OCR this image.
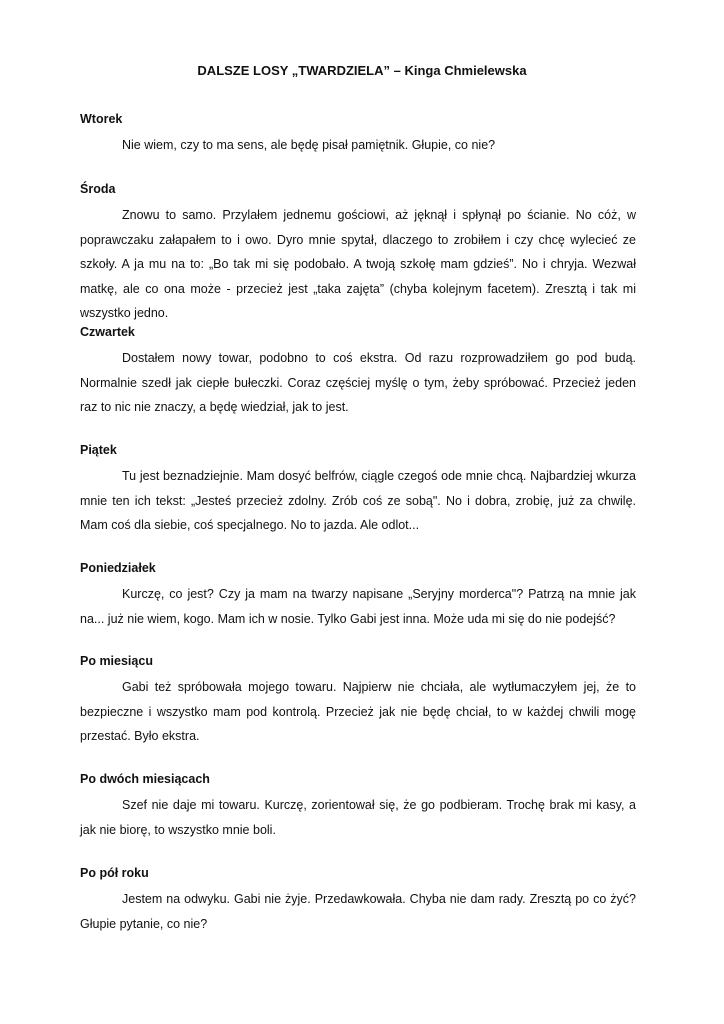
DALSZE LOSY „TWARDZIELA” – Kinga Chmielewska

Wtorek

Nie wiem, czy to ma sens, ale będę pisał pamiętnik. Głupie, co nie?

Środa

Znowu to samo. Przylałem jednemu gościowi, aż jęknął i spłynął po ścianie. No cóż, w poprawczaku załapałem to i owo. Dyro mnie spytał, dlaczego to zrobiłem i czy chcę wylecieć ze szkoły. A ja mu na to: „Bo tak mi się podobało. A twoją szkołę mam gdzieś”. No i chryja. Wezwał matkę, ale co ona może - przecież jest „taka zajęta” (chyba kolejnym facetem). Zresztą i tak mi wszystko jedno.

Czwartek

Dostałem nowy towar, podobno to coś ekstra. Od razu rozprowadziłem go pod budą. Normalnie szedł jak ciepłe bułeczki. Coraz częściej myślę o tym, żeby spróbować. Przecież jeden raz to nic nie znaczy, a będę wiedział, jak to jest.

Piątek

Tu jest beznadziejnie. Mam dosyć belfrów, ciągle czegoś ode mnie chcą. Najbardziej wkurza mnie ten ich tekst: „Jesteś przecież zdolny. Zrób coś ze sobą". No i dobra, zrobię, już za chwilę. Mam coś dla siebie, coś specjalnego. No to jazda. Ale odlot...

Poniedziałek

Kurczę, co jest? Czy ja mam na twarzy napisane „Seryjny morderca"? Patrzą na mnie jak na... już nie wiem, kogo. Mam ich w nosie. Tylko Gabi jest inna. Może uda mi się do nie podejść?

Po miesiącu

Gabi też spróbowała mojego towaru. Najpierw nie chciała, ale wytłumaczyłem jej, że to bezpieczne i wszystko mam pod kontrolą. Przecież jak nie będę chciał, to w każdej chwili mogę przestać. Było ekstra.

Po dwóch miesiącach

Szef nie daje mi towaru. Kurczę, zorientował się, że go podbieram. Trochę brak mi kasy, a jak nie biorę, to wszystko mnie boli.

Po pół roku

Jestem na odwyku. Gabi nie żyje. Przedawkowała. Chyba nie dam rady. Zresztą po co żyć? Głupie pytanie, co nie?
